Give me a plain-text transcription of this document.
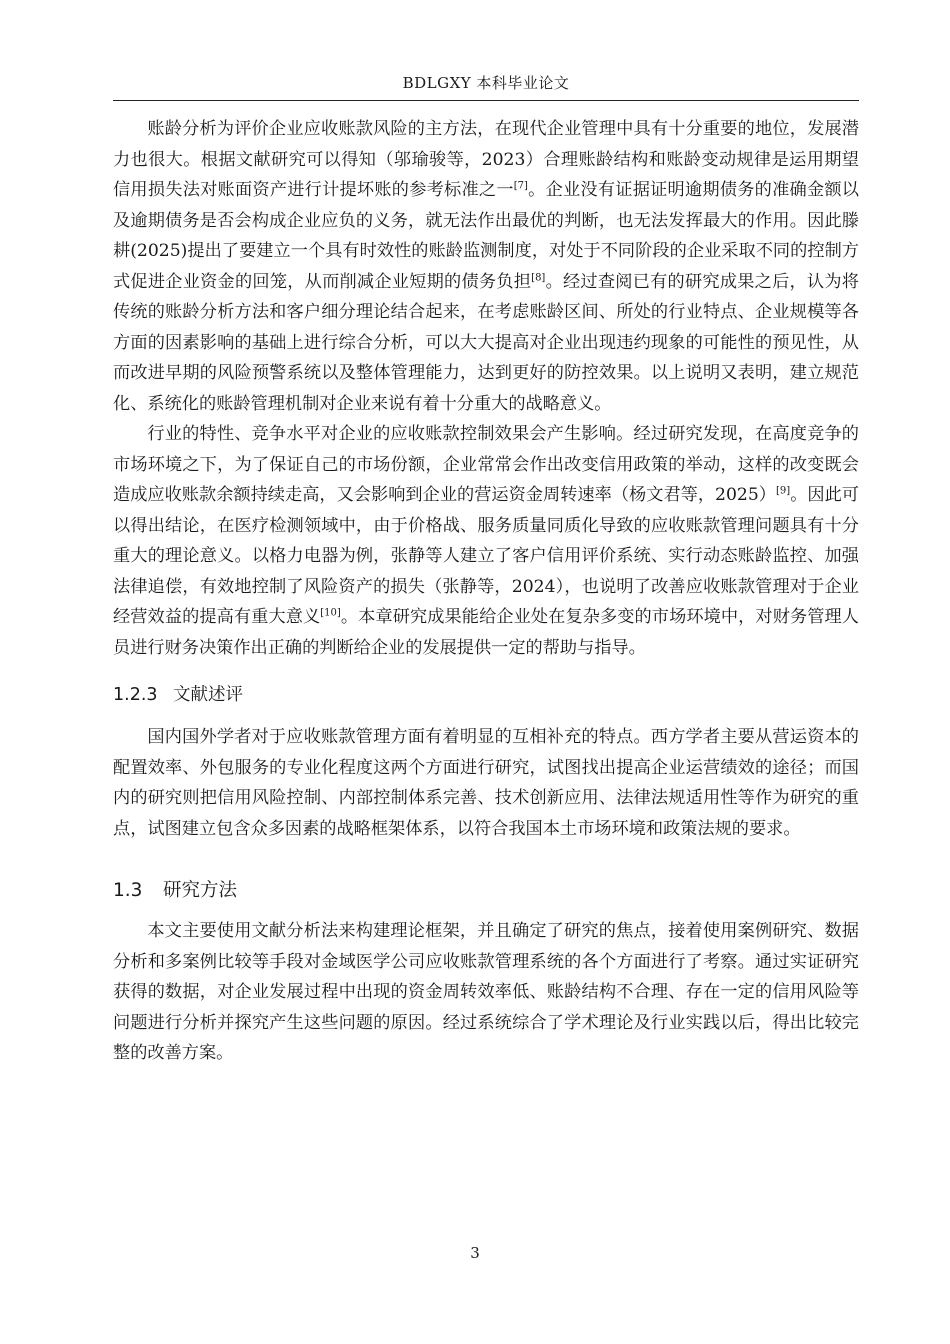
BDLGXY 本科毕业论文

账龄分析为评价企业应收账款风险的主方法，在现代企业管理中具有十分重要的地位，发展潜力也很大。根据文献研究可以得知（邬瑜骏等，2023）合理账龄结构和账龄变动规律是运用期望信用损失法对账面资产进行计提坏账的参考标准之一[7]。企业没有证据证明逾期债务的准确金额以及逾期债务是否会构成企业应负的义务，就无法作出最优的判断，也无法发挥最大的作用。因此滕耕(2025)提出了要建立一个具有时效性的账龄监测制度，对处于不同阶段的企业采取不同的控制方式促进企业资金的回笼，从而削减企业短期的债务负担[8]。经过查阅已有的研究成果之后，认为将传统的账龄分析方法和客户细分理论结合起来，在考虑账龄区间、所处的行业特点、企业规模等各方面的因素影响的基础上进行综合分析，可以大大提高对企业出现违约现象的可能性的预见性，从而改进早期的风险预警系统以及整体管理能力，达到更好的防控效果。以上说明又表明，建立规范化、系统化的账龄管理机制对企业来说有着十分重大的战略意义。

行业的特性、竞争水平对企业的应收账款控制效果会产生影响。经过研究发现，在高度竞争的市场环境之下，为了保证自己的市场份额，企业常常会作出改变信用政策的举动，这样的改变既会造成应收账款余额持续走高，又会影响到企业的营运资金周转速率（杨文君等，2025）[9]。因此可以得出结论，在医疗检测领域中，由于价格战、服务质量同质化导致的应收账款管理问题具有十分重大的理论意义。以格力电器为例，张静等人建立了客户信用评价系统、实行动态账龄监控、加强法律追偿，有效地控制了风险资产的损失（张静等，2024），也说明了改善应收账款管理对于企业经营效益的提高有重大意义[10]。本章研究成果能给企业处在复杂多变的市场环境中，对财务管理人员进行财务决策作出正确的判断给企业的发展提供一定的帮助与指导。

1.2.3 文献述评

国内国外学者对于应收账款管理方面有着明显的互相补充的特点。西方学者主要从营运资本的配置效率、外包服务的专业化程度这两个方面进行研究，试图找出提高企业运营绩效的途径；而国内的研究则把信用风险控制、内部控制体系完善、技术创新应用、法律法规适用性等作为研究的重点，试图建立包含众多因素的战略框架体系，以符合我国本土市场环境和政策法规的要求。

1.3 研究方法

本文主要使用文献分析法来构建理论框架，并且确定了研究的焦点，接着使用案例研究、数据分析和多案例比较等手段对金域医学公司应收账款管理系统的各个方面进行了考察。通过实证研究获得的数据，对企业发展过程中出现的资金周转效率低、账龄结构不合理、存在一定的信用风险等问题进行分析并探究产生这些问题的原因。经过系统综合了学术理论及行业实践以后，得出比较完整的改善方案。

3
